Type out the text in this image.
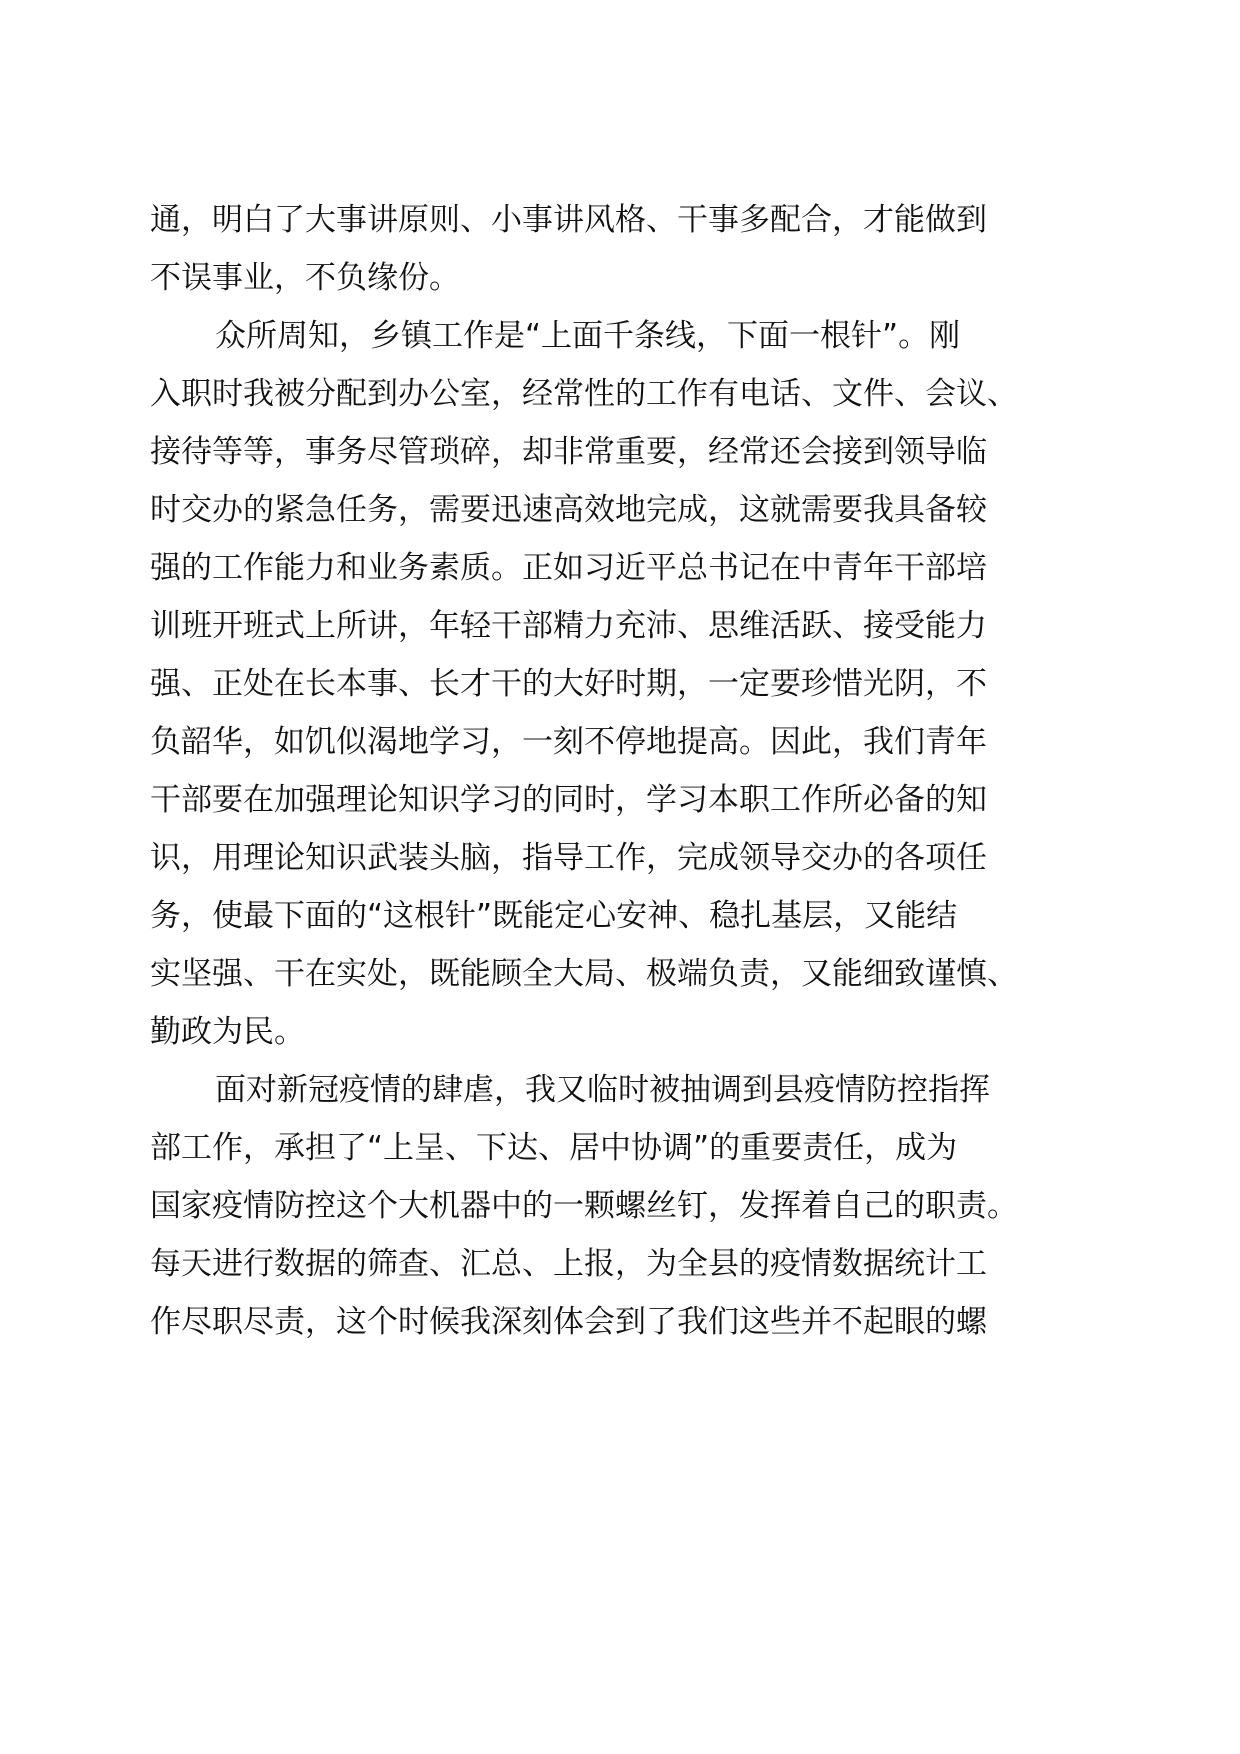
通，明白了大事讲原则、小事讲风格、干事多配合，才能做到
不误事业，不负缘份。
众所周知，乡镇工作是“上面千条线，下面一根针”。刚
入职时我被分配到办公室，经常性的工作有电话、文件、会议、
接待等等，事务尽管琐碎，却非常重要，经常还会接到领导临
时交办的紧急任务，需要迅速高效地完成，这就需要我具备较
强的工作能力和业务素质。正如习近平总书记在中青年干部培
训班开班式上所讲，年轻干部精力充沛、思维活跃、接受能力
强、正处在长本事、长才干的大好时期，一定要珍惜光阴，不
负韶华，如饥似渴地学习，一刻不停地提高。因此，我们青年
干部要在加强理论知识学习的同时，学习本职工作所必备的知
识，用理论知识武装头脑，指导工作，完成领导交办的各项任
务，使最下面的“这根针”既能定心安神、稳扎基层，又能结
实坚强、干在实处，既能顾全大局、极端负责，又能细致谨慎、
勤政为民。
面对新冠疫情的肆虐，我又临时被抽调到县疫情防控指挥
部工作，承担了“上呈、下达、居中协调”的重要责任，成为
国家疫情防控这个大机器中的一颗螺丝钉，发挥着自己的职责。
每天进行数据的筛查、汇总、上报，为全县的疫情数据统计工
作尽职尽责，这个时候我深刻体会到了我们这些并不起眼的螺
